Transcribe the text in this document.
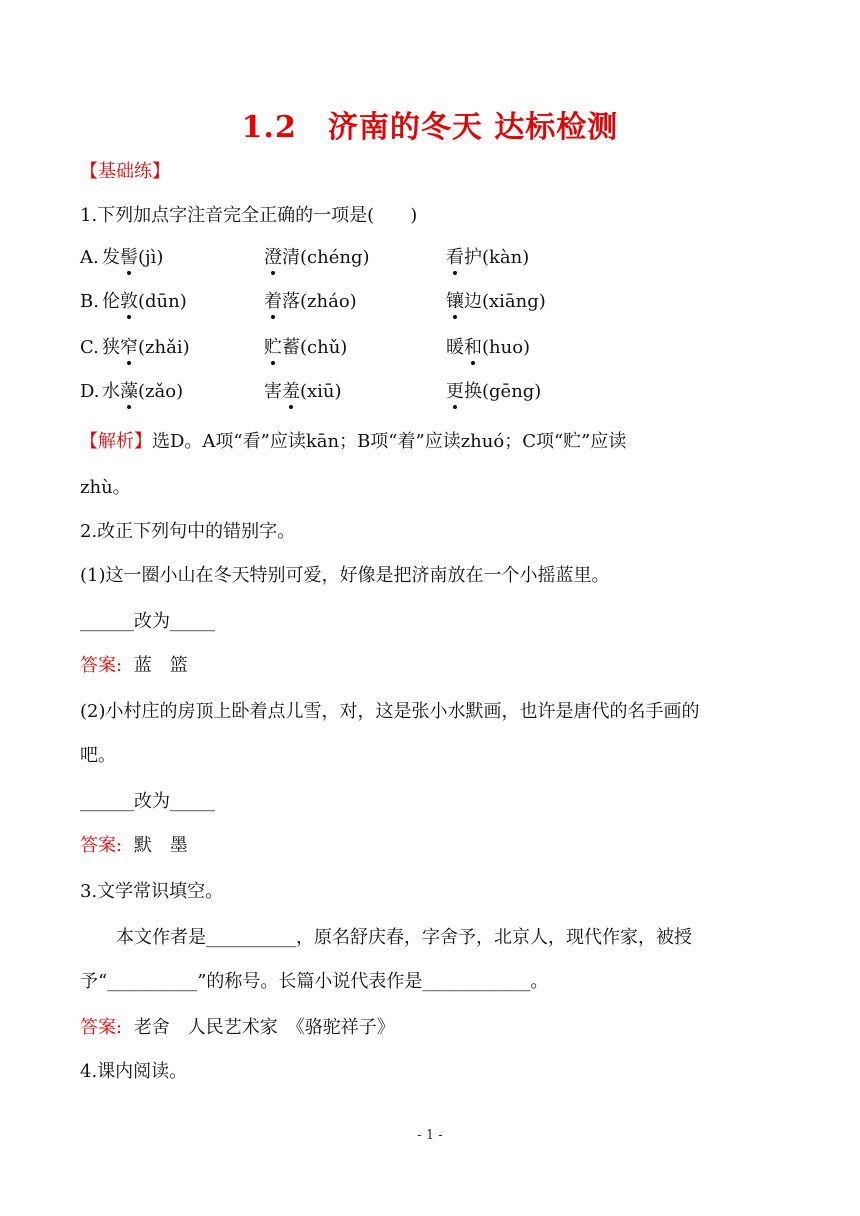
1.2　济南的冬天 达标检测
【基础练】
1.下列加点字注音完全正确的一项是(　　)
A. 发髻(jì)	澄清(chéng)	看护(kàn)
B. 伦敦(dūn)	着落(zháo)	镶边(xiāng)
C. 狭窄(zhǎi)	贮蓄(chǔ)	暖和(huo)
D. 水藻(zǎo)	害羞(xiū)	更换(gēng)
【解析】选D。A项“看”应读kān；B项“着”应读zhuó；C项“贮”应读
zhù。
2.改正下列句中的错别字。
(1)这一圈小山在冬天特别可爱，好像是把济南放在一个小摇蓝里。
______改为_____
答案: 蓝　篮
(2)小村庄的房顶上卧着点儿雪，对，这是张小水默画，也许是唐代的名手画的
吧。
______改为_____
答案: 默　墨
3.文学常识填空。
本文作者是__________，原名舒庆春，字舍予，北京人，现代作家，被授
予“__________”的称号。长篇小说代表作是____________。
答案: 老舍　人民艺术家　《骆驼祥子》
4.课内阅读。
- 1 -
